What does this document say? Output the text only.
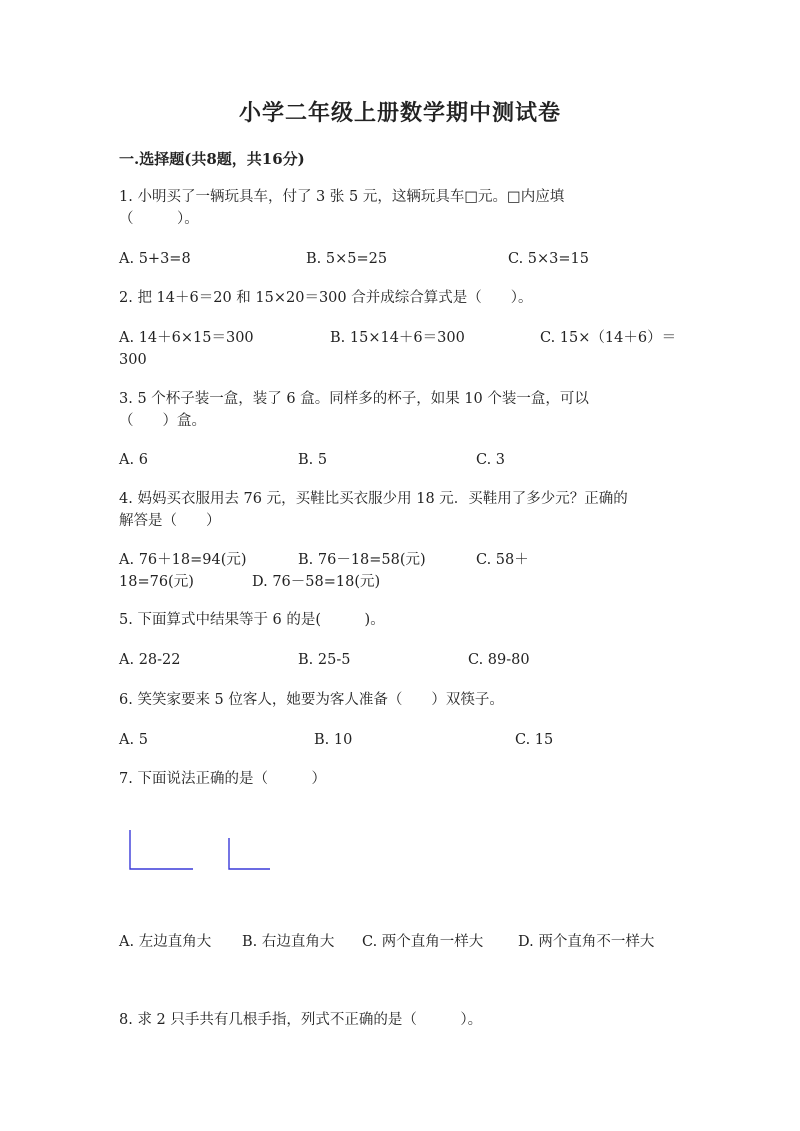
小学二年级上册数学期中测试卷
一.选择题(共8题，共16分)
1. 小明买了一辆玩具车，付了 3 张 5 元，这辆玩具车□元。□内应填
（　　　）。
A. 5+3=8	B. 5×5=25	C. 5×3=15
2. 把 14＋6＝20 和 15×20＝300 合并成综合算式是（　　）。
A. 14＋6×15＝300	B. 15×14＋6＝300	C. 15×（14＋6）＝
300
3. 5 个杯子装一盒，装了 6 盒。同样多的杯子，如果 10 个装一盒，可以
（　　）盒。
A. 6	B. 5	C. 3
4. 妈妈买衣服用去 76 元，买鞋比买衣服少用 18 元．买鞋用了多少元？正确的
解答是（　　）
A. 76＋18=94(元)	B. 76－18=58(元)	C. 58＋
18=76(元)	D. 76－58=18(元)
5. 下面算式中结果等于 6 的是(　　　)。
A. 28-22	B. 25-5	C. 89-80
6. 笑笑家要来 5 位客人，她要为客人准备（　　）双筷子。
A. 5	B. 10	C. 15
7. 下面说法正确的是（　　　）
A. 左边直角大 B. 右边直角大 C. 两个直角一样大 D. 两个直角不一样大
8. 求 2 只手共有几根手指，列式不正确的是（　　　）。
